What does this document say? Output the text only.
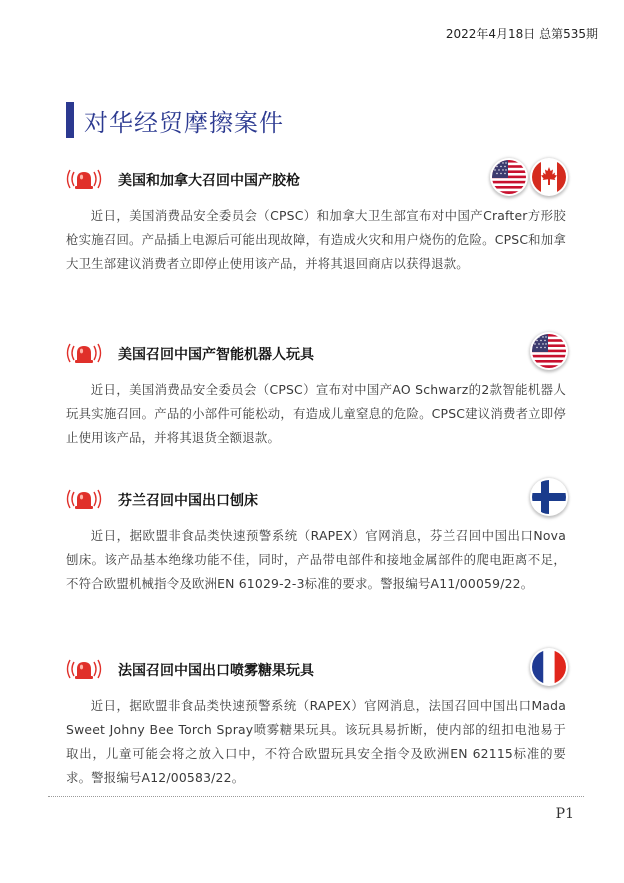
2022年4月18日 总第535期
对华经贸摩擦案件
美国和加拿大召回中国产胶枪

近日，美国消费品安全委员会（CPSC）和加拿大卫生部宣布对中国产Crafter方形胶枪实施召回。产品插上电源后可能出现故障，有造成火灾和用户烧伤的危险。CPSC和加拿大卫生部建议消费者立即停止使用该产品，并将其退回商店以获得退款。

美国召回中国产智能机器人玩具

近日，美国消费品安全委员会（CPSC）宣布对中国产AO Schwarz的2款智能机器人玩具实施召回。产品的小部件可能松动，有造成儿童窒息的危险。CPSC建议消费者立即停止使用该产品，并将其退货全额退款。

芬兰召回中国出口刨床

近日，据欧盟非食品类快速预警系统（RAPEX）官网消息，芬兰召回中国出口Nova刨床。该产品基本绝缘功能不佳，同时，产品带电部件和接地金属部件的爬电距离不足，不符合欧盟机械指令及欧洲EN 61029-2-3标准的要求。警报编号A11/00059/22。

法国召回中国出口喷雾糖果玩具

近日，据欧盟非食品类快速预警系统（RAPEX）官网消息，法国召回中国出口Mada Sweet Johny Bee Torch Spray喷雾糖果玩具。该玩具易折断，使内部的纽扣电池易于取出，儿童可能会将之放入口中，不符合欧盟玩具安全指令及欧洲EN 62115标准的要求。警报编号A12/00583/22。

P1
